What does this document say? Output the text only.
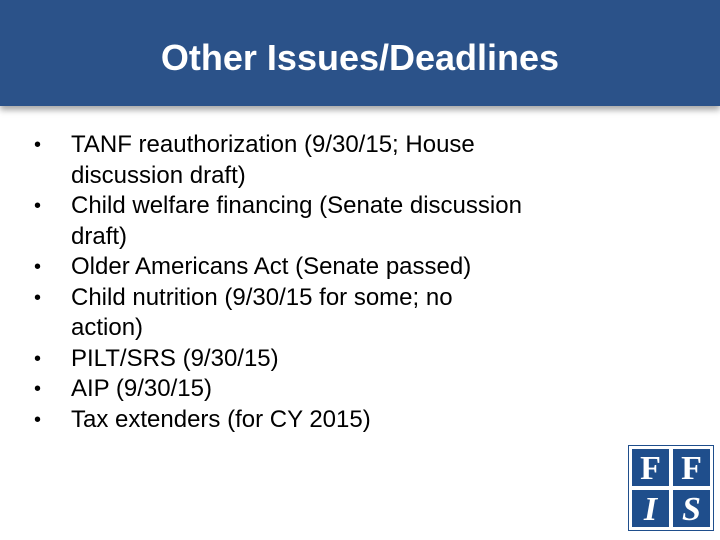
Other Issues/Deadlines
• TANF reauthorization (9/30/15; House
discussion draft)
• Child welfare financing (Senate discussion
draft)
• Older Americans Act (Senate passed)
• Child nutrition (9/30/15 for some; no
action)
• PILT/SRS (9/30/15)
• AIP (9/30/15)
• Tax extenders (for CY 2015)
F F
I S
